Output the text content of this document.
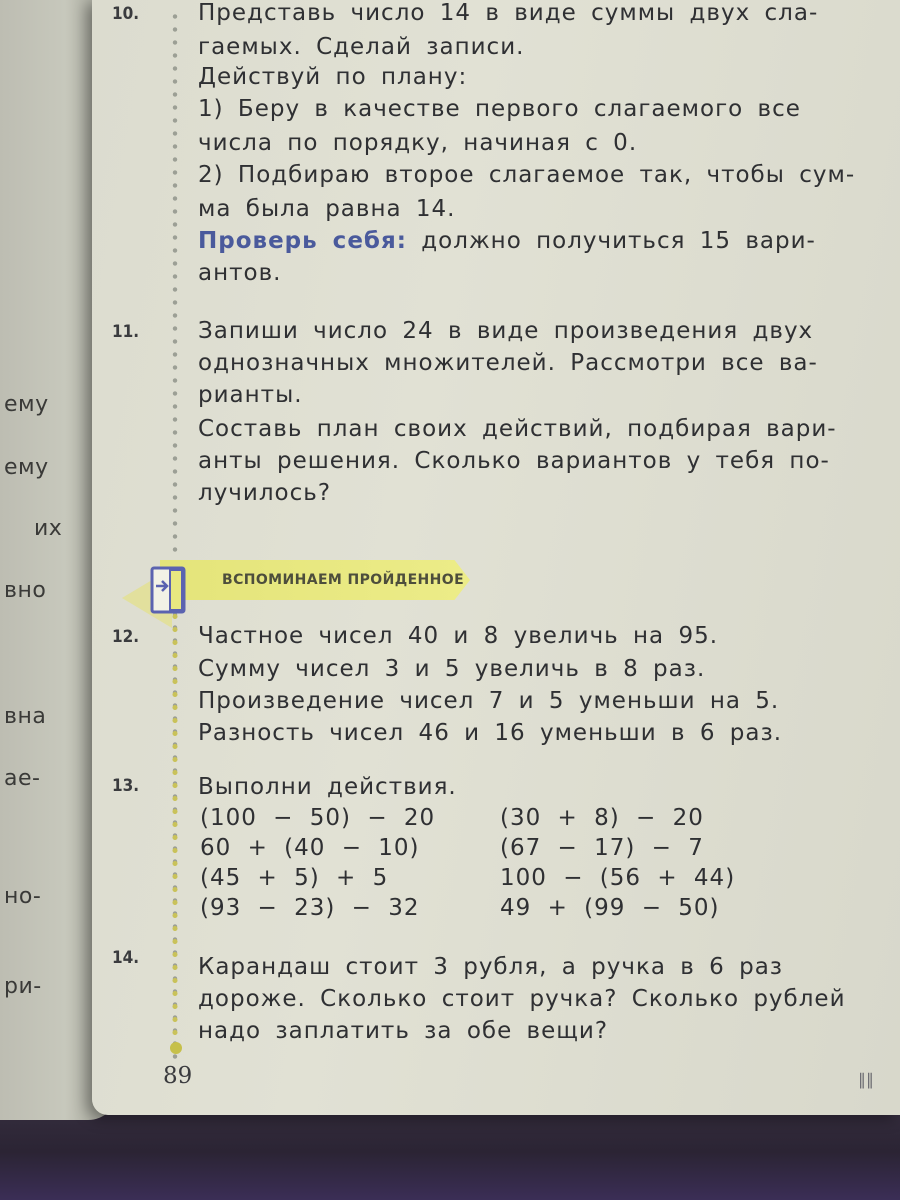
ему
ему
их
вно
вна
ае-
но-
ри-
10.	Представь число 14 в виде суммы двух сла-
гаемых. Сделай записи.
Действуй по плану:
1) Беру в качестве первого слагаемого все
числа по порядку, начиная с 0.
2) Подбираю второе слагаемое так, чтобы сум-
ма была равна 14.
Проверь себя: должно получиться 15 вари-
антов.
11.	Запиши число 24 в виде произведения двух
однозначных множителей. Рассмотри все ва-
рианты.
Составь план своих действий, подбирая вари-
анты решения. Сколько вариантов у тебя по-
лучилось?
ВСПОМИНАЕМ ПРОЙДЕННОЕ
12.	Частное чисел 40 и 8 увеличь на 95.
Сумму чисел 3 и 5 увеличь в 8 раз.
Произведение чисел 7 и 5 уменьши на 5.
Разность чисел 46 и 16 уменьши в 6 раз.
13.	Выполни действия.
(100 − 50) − 20	(30 + 8) − 20
60 + (40 − 10)	(67 − 17) − 7
(45 + 5) + 5	100 − (56 + 44)
(93 − 23) − 32	49 + (99 − 50)
14.	Карандаш стоит 3 рубля, а ручка в 6 раз
дороже. Сколько стоит ручка? Сколько рублей
надо заплатить за обе вещи?
89	∥∥
